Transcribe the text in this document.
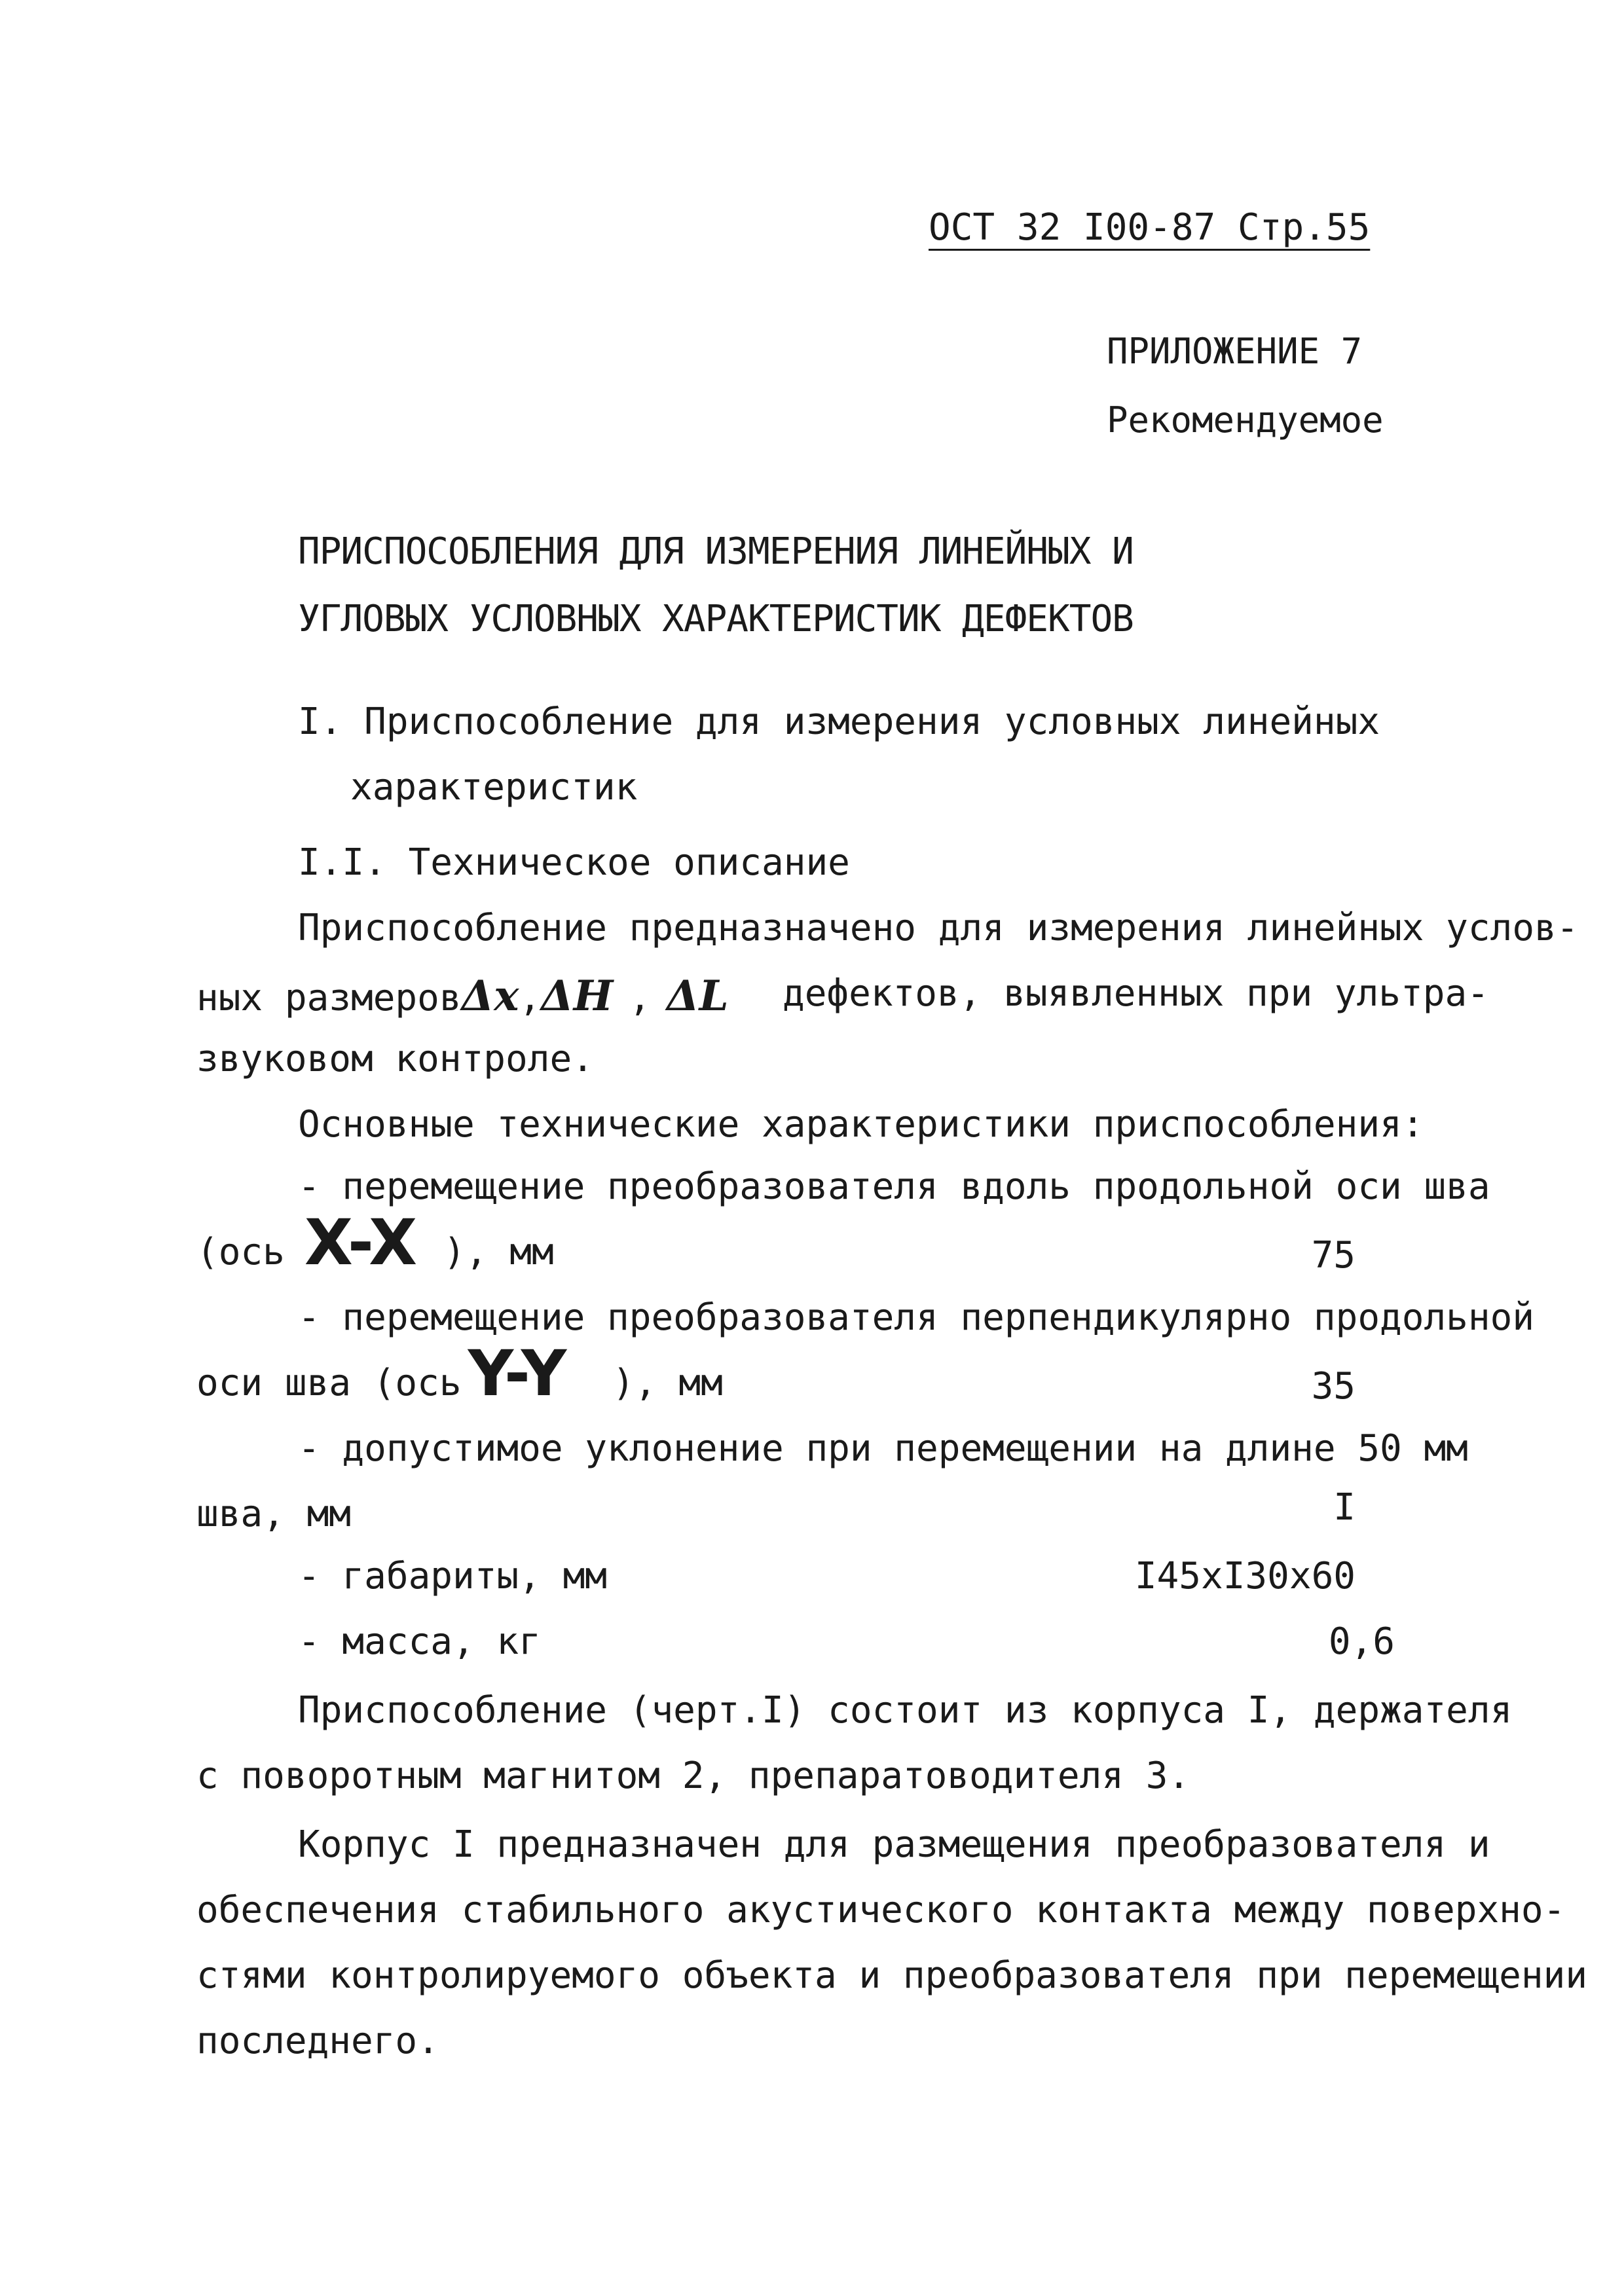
ОСТ 32 I00-87 Стр.55
ПРИЛОЖЕНИЕ 7
Рекомендуемое
ПРИСПОСОБЛЕНИЯ ДЛЯ ИЗМЕРЕНИЯ ЛИНЕЙНЫХ И
УГЛОВЫХ УСЛОВНЫХ ХАРАКТЕРИСТИК ДЕФЕКТОВ
I. Приспособление для измерения условных линейных
характеристик
I.I. Техническое описание
Приспособление предназначено для измерения линейных услов-
ных размеровΔx,ΔH , ΔL дефектов, выявленных при ультра-
звуковом контроле.
Основные технические характеристики приспособления:
- перемещение преобразователя вдоль продольной оси шва
(ось X-X ), мм	75
- перемещение преобразователя перпендикулярно продольной
оси шва (ось Y-Y ), мм	35
- допустимое уклонение при перемещении на длине 50 мм
шва, мм	I
- габариты, мм	I45xI30x60
- масса, кг	0,6
Приспособление (черт.I) состоит из корпуса I, держателя
с поворотным магнитом 2, препаратоводителя 3.
Корпус I предназначен для размещения преобразователя и
обеспечения стабильного акустического контакта между поверхно-
стями контролируемого объекта и преобразователя при перемещении
последнего.
